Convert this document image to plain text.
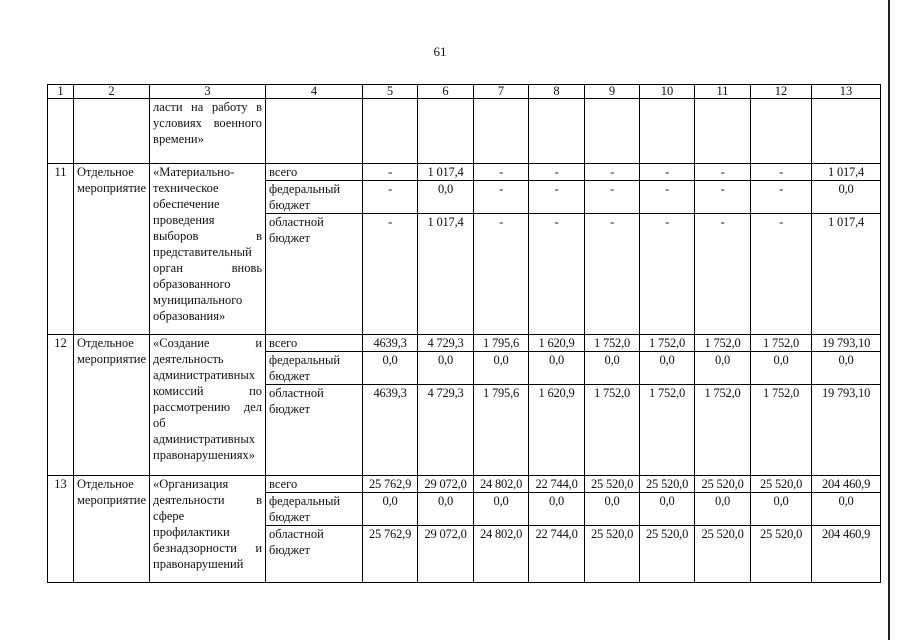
61
1	2	3	4	5	6	7	8	9	10	11	12	13
		ласти на работу в условиях военного времени»										
11	Отдельное мероприятие	«Материально-техническое обеспечение проведения выборов в представительный орган вновь образованного муниципального образования»	всего	-	1 017,4	-	-	-	-	-	-	1 017,4
			федеральный бюджет	-	0,0	-	-	-	-	-	-	0,0
			областной бюджет	-	1 017,4	-	-	-	-	-	-	1 017,4
12	Отдельное мероприятие	«Создание и деятельность административных комиссий по рассмотрению дел об административных правонарушениях»	всего	4639,3	4 729,3	1 795,6	1 620,9	1 752,0	1 752,0	1 752,0	1 752,0	19 793,10
			федеральный бюджет	0,0	0,0	0,0	0,0	0,0	0,0	0,0	0,0	0,0
			областной бюджет	4639,3	4 729,3	1 795,6	1 620,9	1 752,0	1 752,0	1 752,0	1 752,0	19 793,10
13	Отдельное мероприятие	«Организация деятельности в сфере профилактики безнадзорности и правонарушений	всего	25 762,9	29 072,0	24 802,0	22 744,0	25 520,0	25 520,0	25 520,0	25 520,0	204 460,9
			федеральный бюджет	0,0	0,0	0,0	0,0	0,0	0,0	0,0	0,0	0,0
			областной бюджет	25 762,9	29 072,0	24 802,0	22 744,0	25 520,0	25 520,0	25 520,0	25 520,0	204 460,9
